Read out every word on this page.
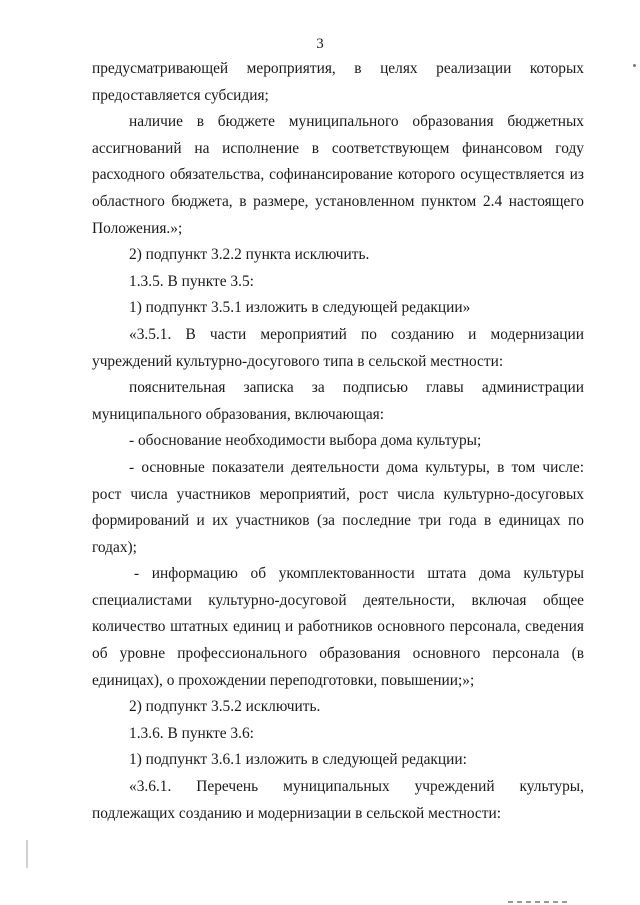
3

предусматривающей мероприятия, в целях реализации которых

предоставляется субсидия;

наличие в бюджете муниципального образования бюджетных

ассигнований на исполнение в соответствующем финансовом году

расходного обязательства, софинансирование которого осуществляется из

областного бюджета, в размере, установленном пунктом 2.4 настоящего

Положения.»;

2) подпункт 3.2.2 пункта исключить.

1.3.5. В пункте 3.5:

1) подпункт 3.5.1 изложить в следующей редакции»

«3.5.1. В части мероприятий по созданию и модернизации

учреждений культурно-досугового типа в сельской местности:

пояснительная записка за подписью главы администрации

муниципального образования, включающая:

- обоснование необходимости выбора дома культуры;

- основные показатели деятельности дома культуры, в том числе:

рост числа участников мероприятий, рост числа культурно-досуговых

формирований и их участников (за последние три года в единицах по

годах);

- информацию об укомплектованности штата дома культуры

специалистами культурно-досуговой деятельности, включая общее

количество штатных единиц и работников основного персонала, сведения

об уровне профессионального образования основного персонала (в

единицах), о прохождении переподготовки, повышении;»;

2) подпункт 3.5.2 исключить.

1.3.6. В пункте 3.6:

1) подпункт 3.6.1 изложить в следующей редакции:

«3.6.1. Перечень муниципальных учреждений культуры,

подлежащих созданию и модернизации в сельской местности:
